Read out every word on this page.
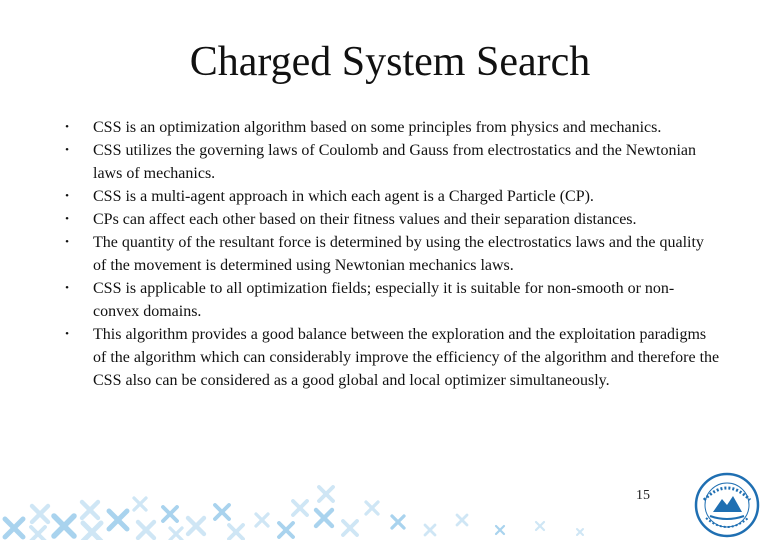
Charged System Search
•	CSS is an optimization algorithm based on some principles from physics and mechanics.
•	CSS utilizes the governing laws of Coulomb and Gauss from electrostatics and the Newtonian laws of mechanics.
•	CSS is a multi-agent approach in which each agent is a Charged Particle (CP).
•	CPs can affect each other based on their fitness values and their separation distances.
•	The quantity of the resultant force is determined by using the electrostatics laws and the quality of the movement is determined using Newtonian mechanics laws.
•	CSS is applicable to all optimization fields; especially it is suitable for non-smooth or non-convex domains.
•	This algorithm provides a good balance between the exploration and the exploitation paradigms of the algorithm which can considerably improve the efficiency of the algorithm and therefore the CSS also can be considered as a good global and local optimizer simultaneously.
15
